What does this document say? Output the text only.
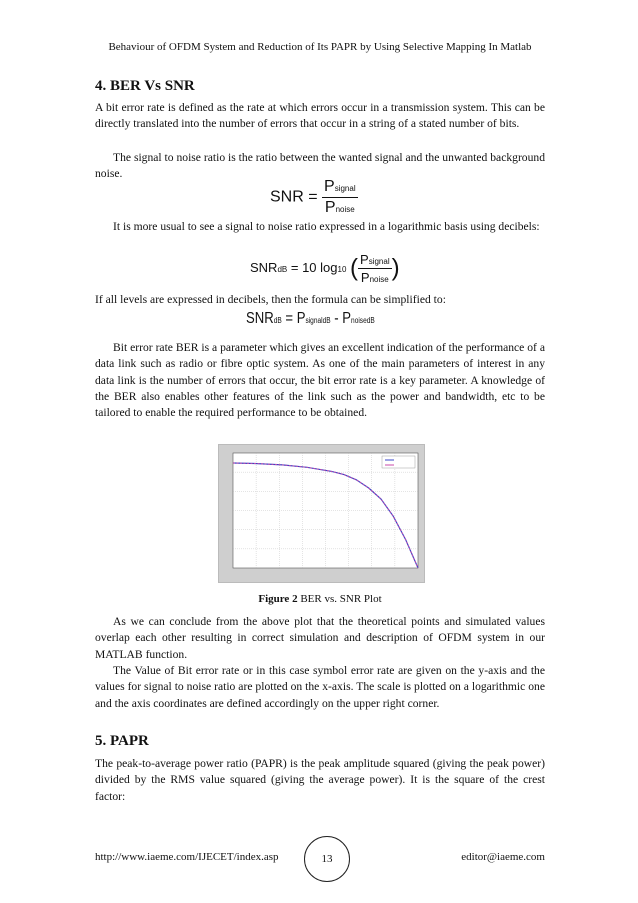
Behaviour of OFDM System and Reduction of Its PAPR by Using Selective Mapping In Matlab
4. BER Vs SNR

A bit error rate is defined as the rate at which errors occur in a transmission system. This can be directly translated into the number of errors that occur in a string of a stated number of bits.

The signal to noise ratio is the ratio between the wanted signal and the unwanted background noise.

SNR = $\frac{\text{Psignal}}{\text{Pnoise}}$

It is more usual to see a signal to noise ratio expressed in a logarithmic basis using decibels:

SNRdB = 10 log10 ( $\frac{\text{Psignal}}{\text{Pnoise}}$ )

If all levels are expressed in decibels, then the formula can be simplified to:

SNRdB = PsignaldB - PnoisedB

Bit error rate BER is a parameter which gives an excellent indication of the performance of a data link such as radio or fibre optic system. As one of the main parameters of interest in any data link is the number of errors that occur, the bit error rate is a key parameter. A knowledge of the BER also enables other features of the link such as the power and bandwidth, etc to be tailored to enable the required performance to be obtained.

Figure 2 BER vs. SNR Plot

As we can conclude from the above plot that the theoretical points and simulated values overlap each other resulting in correct simulation and description of OFDM system in our MATLAB function.

The Value of Bit error rate or in this case symbol error rate are given on the y-axis and the values for signal to noise ratio are plotted on the x-axis. The scale is plotted on a logarithmic one and the axis coordinates are defined accordingly on the upper right corner.

5. PAPR

The peak-to-average power ratio (PAPR) is the peak amplitude squared (giving the peak power) divided by the RMS value squared (giving the average power). It is the square of the crest factor:

http://www.iaeme.com/IJECET/index.asp	13	editor@iaeme.com
